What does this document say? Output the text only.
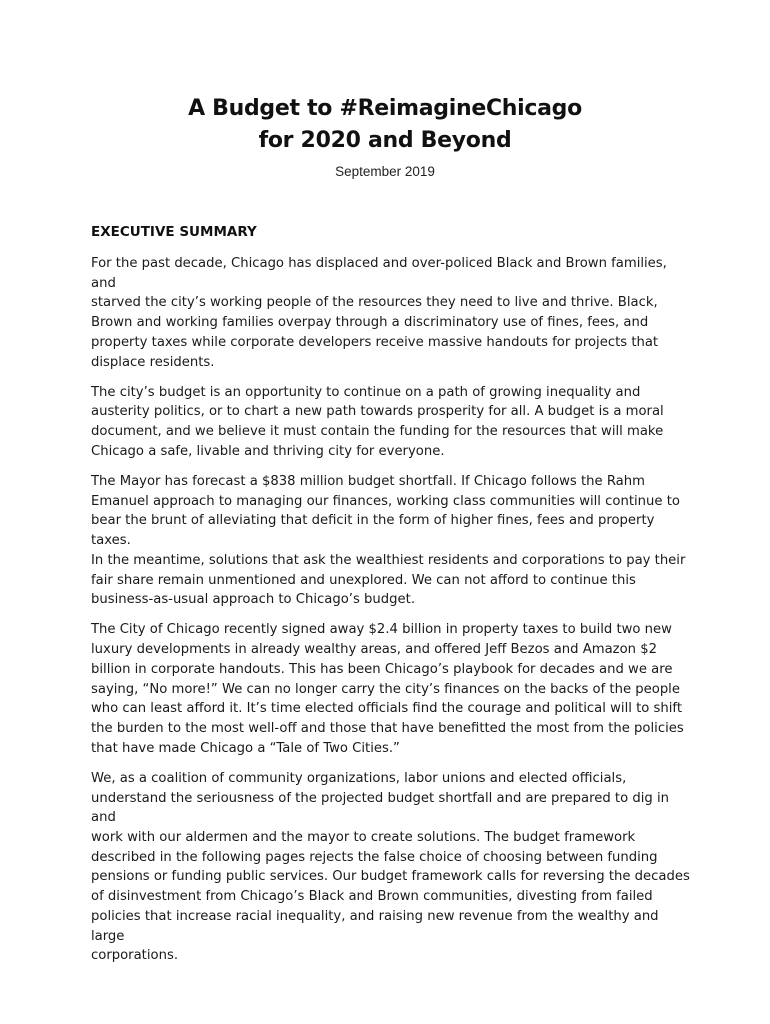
A Budget to #ReimagineChicago
for 2020 and Beyond
September 2019
EXECUTIVE SUMMARY

For the past decade, Chicago has displaced and over-policed Black and Brown families, and
starved the city’s working people of the resources they need to live and thrive. Black,
Brown and working families overpay through a discriminatory use of fines, fees, and
property taxes while corporate developers receive massive handouts for projects that
displace residents.

The city’s budget is an opportunity to continue on a path of growing inequality and
austerity politics, or to chart a new path towards prosperity for all. A budget is a moral
document, and we believe it must contain the funding for the resources that will make
Chicago a safe, livable and thriving city for everyone.

The Mayor has forecast a $838 million budget shortfall. If Chicago follows the Rahm
Emanuel approach to managing our finances, working class communities will continue to
bear the brunt of alleviating that deficit in the form of higher fines, fees and property taxes.
In the meantime, solutions that ask the wealthiest residents and corporations to pay their
fair share remain unmentioned and unexplored. We can not afford to continue this
business-as-usual approach to Chicago’s budget.

The City of Chicago recently signed away $2.4 billion in property taxes to build two new
luxury developments in already wealthy areas, and offered Jeff Bezos and Amazon $2
billion in corporate handouts. This has been Chicago’s playbook for decades and we are
saying, “No more!” We can no longer carry the city’s finances on the backs of the people
who can least afford it. It’s time elected officials find the courage and political will to shift
the burden to the most well-off and those that have benefitted the most from the policies
that have made Chicago a “Tale of Two Cities.”

We, as a coalition of community organizations, labor unions and elected officials,
understand the seriousness of the projected budget shortfall and are prepared to dig in and
work with our aldermen and the mayor to create solutions. The budget framework
described in the following pages rejects the false choice of choosing between funding
pensions or funding public services. Our budget framework calls for reversing the decades
of disinvestment from Chicago’s Black and Brown communities, divesting from failed
policies that increase racial inequality, and raising new revenue from the wealthy and large
corporations.
